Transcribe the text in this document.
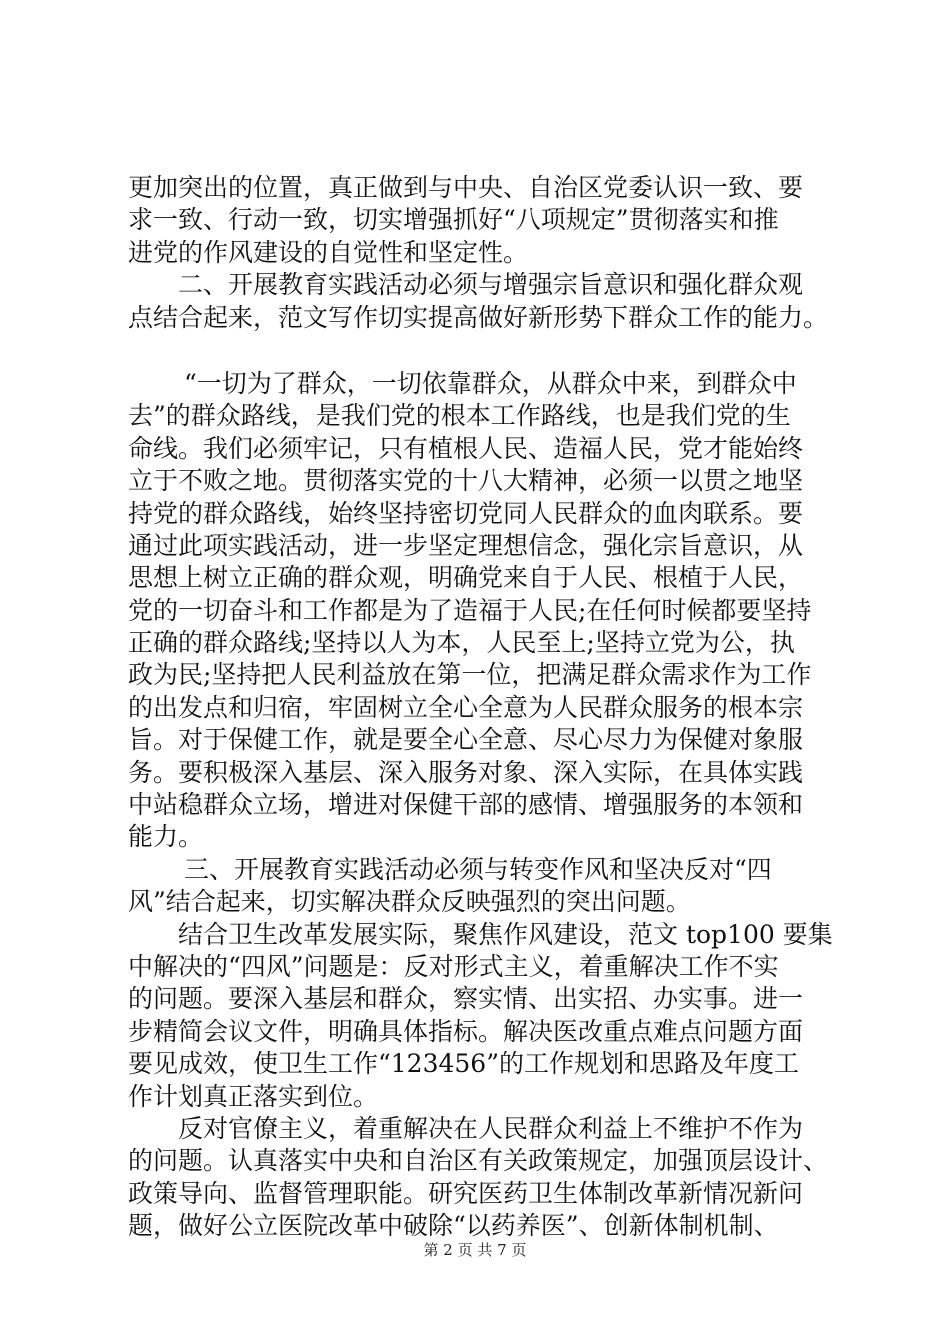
更加突出的位置，真正做到与中央、自治区党委认识一致、要
求一致、行动一致，切实增强抓好“八项规定”贯彻落实和推
进党的作风建设的自觉性和坚定性。
二、开展教育实践活动必须与增强宗旨意识和强化群众观
点结合起来，范文写作切实提高做好新形势下群众工作的能力。
“一切为了群众，一切依靠群众，从群众中来，到群众中
去”的群众路线，是我们党的根本工作路线，也是我们党的生
命线。我们必须牢记，只有植根人民、造福人民，党才能始终
立于不败之地。贯彻落实党的十八大精神，必须一以贯之地坚
持党的群众路线，始终坚持密切党同人民群众的血肉联系。要
通过此项实践活动，进一步坚定理想信念，强化宗旨意识，从
思想上树立正确的群众观，明确党来自于人民、根植于人民，
党的一切奋斗和工作都是为了造福于人民;在任何时候都要坚持
正确的群众路线;坚持以人为本，人民至上;坚持立党为公，执
政为民;坚持把人民利益放在第一位，把满足群众需求作为工作
的出发点和归宿，牢固树立全心全意为人民群众服务的根本宗
旨。对于保健工作，就是要全心全意、尽心尽力为保健对象服
务。要积极深入基层、深入服务对象、深入实际，在具体实践
中站稳群众立场，增进对保健干部的感情、增强服务的本领和
能力。
三、开展教育实践活动必须与转变作风和坚决反对“四
风”结合起来，切实解决群众反映强烈的突出问题。
结合卫生改革发展实际，聚焦作风建设，范文 top100 要集
中解决的“四风”问题是：反对形式主义，着重解决工作不实
的问题。要深入基层和群众，察实情、出实招、办实事。进一
步精简会议文件，明确具体指标。解决医改重点难点问题方面
要见成效，使卫生工作“123456”的工作规划和思路及年度工
作计划真正落实到位。
反对官僚主义，着重解决在人民群众利益上不维护不作为
的问题。认真落实中央和自治区有关政策规定，加强顶层设计、
政策导向、监督管理职能。研究医药卫生体制改革新情况新问
题，做好公立医院改革中破除“以药养医”、创新体制机制、
第 2 页 共 7 页
